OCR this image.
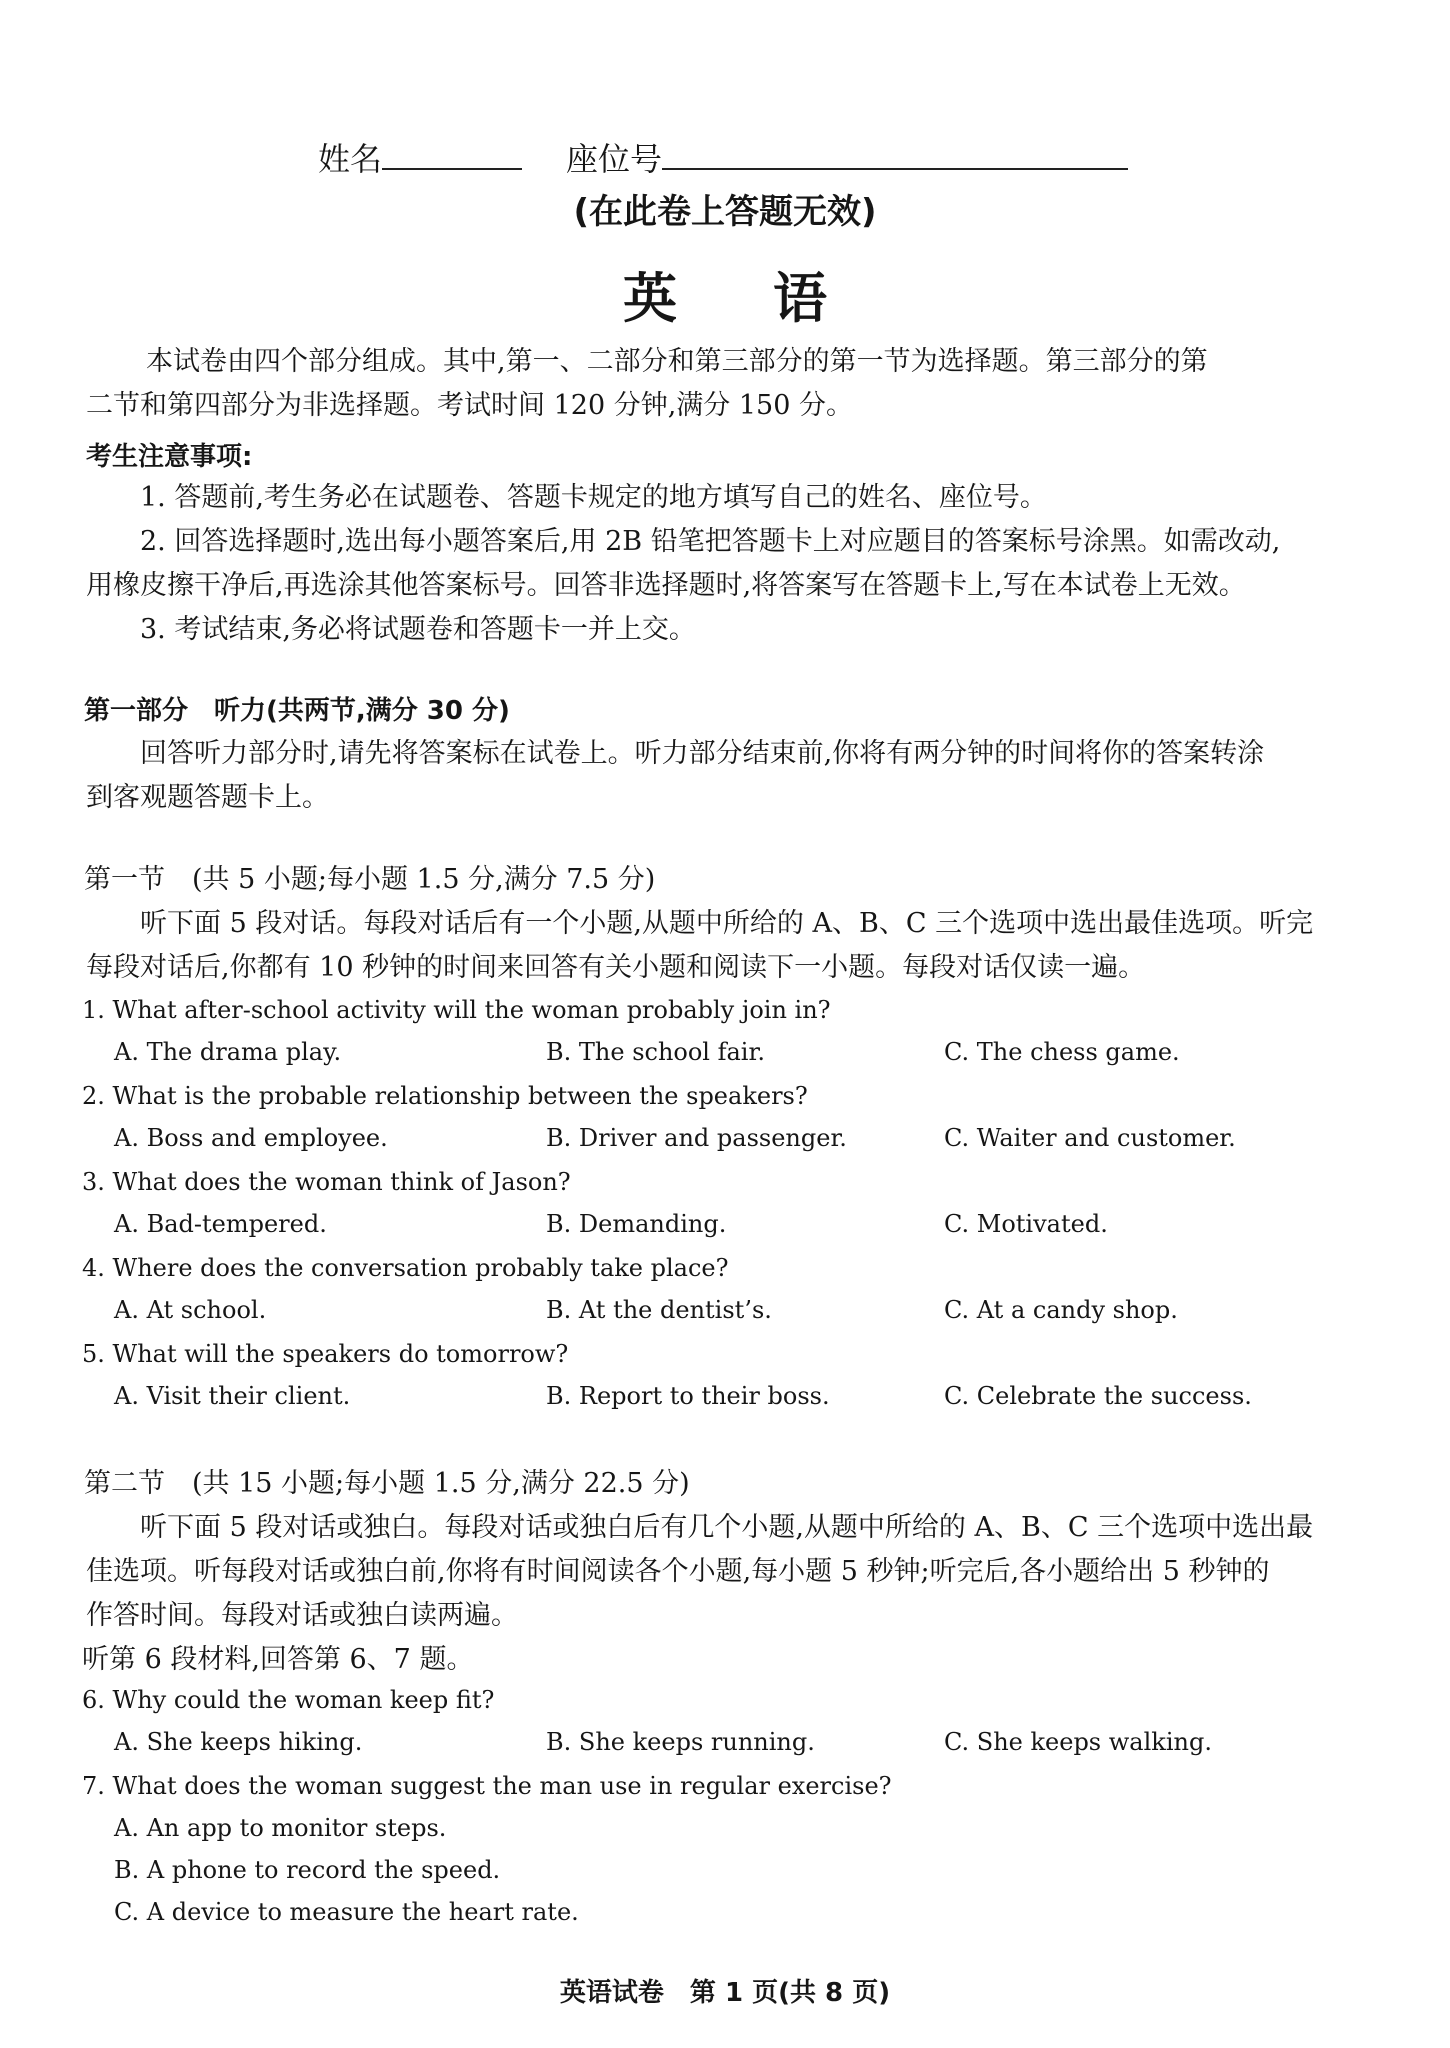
姓名	座位号
(在此卷上答题无效)
英语
本试卷由四个部分组成。其中,第一、二部分和第三部分的第一节为选择题。第三部分的第
二节和第四部分为非选择题。考试时间 120 分钟,满分 150 分。
考生注意事项:
1. 答题前,考生务必在试题卷、答题卡规定的地方填写自己的姓名、座位号。
2. 回答选择题时,选出每小题答案后,用 2B 铅笔把答题卡上对应题目的答案标号涂黑。如需改动,
用橡皮擦干净后,再选涂其他答案标号。回答非选择题时,将答案写在答题卡上,写在本试卷上无效。
3. 考试结束,务必将试题卷和答题卡一并上交。
第一部分　听力(共两节,满分 30 分)
回答听力部分时,请先将答案标在试卷上。听力部分结束前,你将有两分钟的时间将你的答案转涂
到客观题答题卡上。
第一节　(共 5 小题;每小题 1.5 分,满分 7.5 分)
听下面 5 段对话。每段对话后有一个小题,从题中所给的 A、B、C 三个选项中选出最佳选项。听完
每段对话后,你都有 10 秒钟的时间来回答有关小题和阅读下一小题。每段对话仅读一遍。
1. What after-school activity will the woman probably join in?
A. The drama play.	B. The school fair.	C. The chess game.
2. What is the probable relationship between the speakers?
A. Boss and employee.	B. Driver and passenger.	C. Waiter and customer.
3. What does the woman think of Jason?
A. Bad-tempered.	B. Demanding.	C. Motivated.
4. Where does the conversation probably take place?
A. At school.	B. At the dentist’s.	C. At a candy shop.
5. What will the speakers do tomorrow?
A. Visit their client.	B. Report to their boss.	C. Celebrate the success.
第二节　(共 15 小题;每小题 1.5 分,满分 22.5 分)
听下面 5 段对话或独白。每段对话或独白后有几个小题,从题中所给的 A、B、C 三个选项中选出最
佳选项。听每段对话或独白前,你将有时间阅读各个小题,每小题 5 秒钟;听完后,各小题给出 5 秒钟的
作答时间。每段对话或独白读两遍。
听第 6 段材料,回答第 6、7 题。
6. Why could the woman keep fit?
A. She keeps hiking.	B. She keeps running.	C. She keeps walking.
7. What does the woman suggest the man use in regular exercise?
A. An app to monitor steps.
B. A phone to record the speed.
C. A device to measure the heart rate.
英语试卷　第 1 页(共 8 页)
